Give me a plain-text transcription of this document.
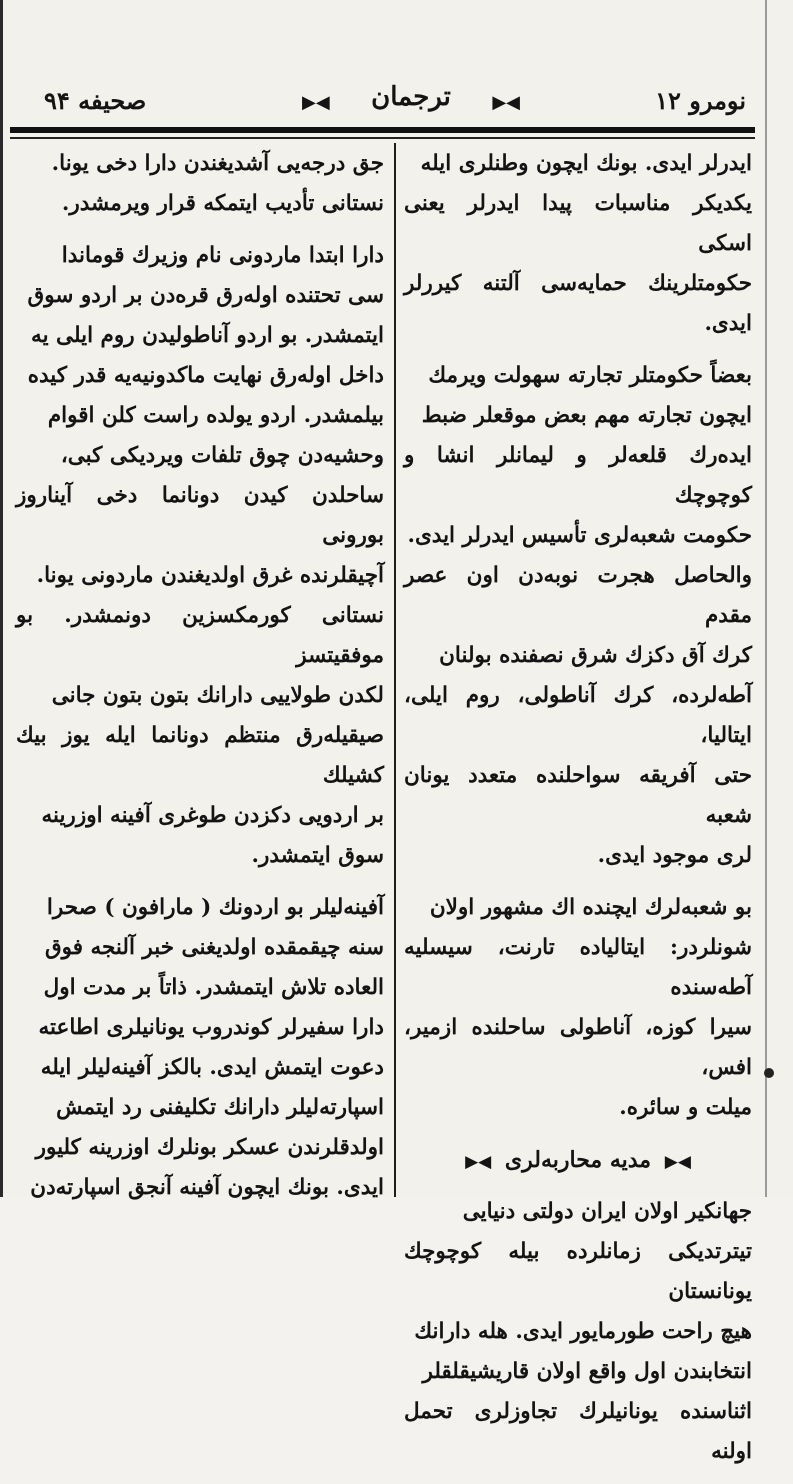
نومرو ۱۲
◀▶
ترجمان
◀▶
صحیفه ۹۴

ایدرلر ایدی. بونك ایچون وطنلری ایله
یکدیکر مناسبات پیدا ایدرلر یعنی اسکی
حکومتلرینك حمایه‌سی آلتنه کیررلر ایدی.

بعضاً حکومتلر تجارته سهولت ویرمك
ایچون تجارته مهم بعض موقعلر ضبط
ایده‌رك قلعه‌لر و لیمانلر انشا و کوچوچك
حکومت شعبه‌لری تأسیس ایدرلر ایدی.
والحاصل هجرت نوبه‌دن اون عصر مقدم
کرك آق دکزك شرق نصفنده بولنان
آطه‌لرده، کرك آناطولی، روم ایلی، ایتالیا،
حتی آفریقه سواحلنده متعدد یونان شعبه
لری موجود ایدی.

بو شعبه‌لرك ایچنده اك مشهور اولان
شونلردر: ایتالیاده تارنت، سیسلیه آطه‌سنده
سیرا کوزه، آناطولی ساحلنده ازمیر، افس،
میلت و سائره.

◀▶ مدیه محاربه‌لری ◀▶

جهانکیر اولان ایران دولتی دنیایی
تیترتدیکی زمانلرده بیله کوچوچك یونانستان
هیچ راحت طورمایور ایدی. هله دارانك
انتخابندن اول واقع اولان قاریشیقلقلر
اثناسنده یونانیلرك تجاوزلری تحمل اولنه

جق درجه‌یی آشدیغندن دارا دخی یونا.
نستانی تأدیب ایتمکه قرار ویرمشدر.

دارا ابتدا ماردونی نام وزیرك قوماندا
سی تحتنده اوله‌رق قره‌دن بر اردو سوق
ایتمشدر. بو اردو آناطولیدن روم ایلی یه
داخل اوله‌رق نهایت ماکدونیه‌یه قدر کیده
بیلمشدر. اردو یولده راست کلن اقوام
وحشیه‌دن چوق تلفات ویردیکی کبی،
ساحلدن کیدن دونانما دخی آیناروز بورونی
آچیقلرنده غرق اولدیغندن ماردونی یونا.
نستانی کورمکسزین دونمشدر. بو موفقیتسز
لکدن طولاییی دارانك بتون بتون جانی
صیقیله‌رق منتظم دونانما ایله یوز بیك کشیلك
بر اردویی دکزدن طوغری آفینه اوزرینه
سوق ایتمشدر.

آفینه‌لیلر بو اردونك ( مارافون ) صحرا
سنه چیقمقده اولدیغنی خبر آلنجه فوق
العاده تلاش ایتمشدر. ذاتاً بر مدت اول
دارا سفیرلر کوندروب یونانیلری اطاعته
دعوت ایتمش ایدی. بالکز آفینه‌لیلر ایله
اسپارته‌لیلر دارانك تکلیفنی رد ایتمش
اولدقلرندن عسکر بونلرك اوزرینه کلیور
ایدی. بونك ایچون آفینه آنجق اسپارته‌دن
